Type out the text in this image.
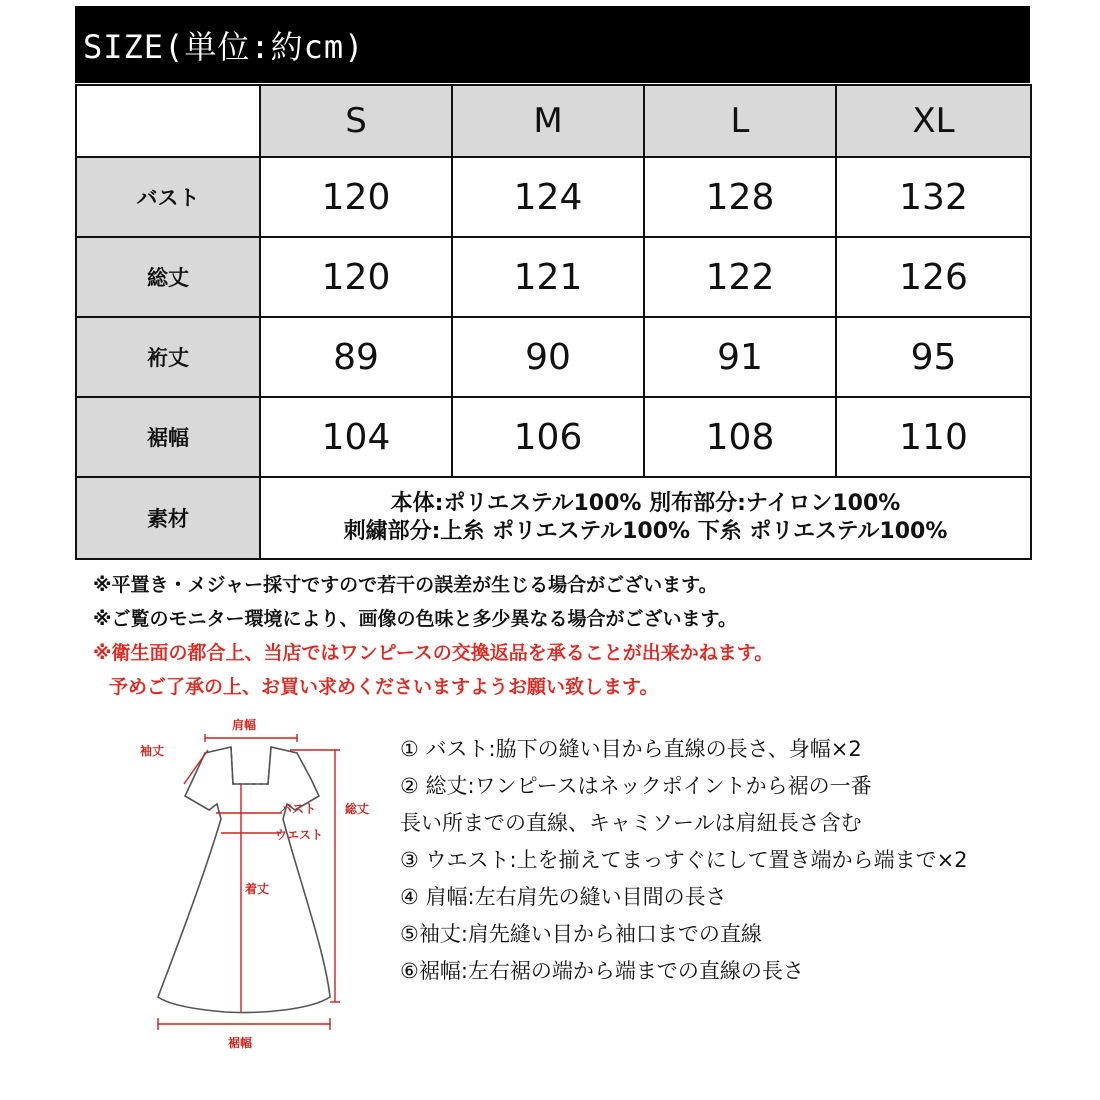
SIZE(単位:約cm)
	S	M	L	XL
バスト	120	124	128	132
総丈	120	121	122	126
裄丈	89	90	91	95
裾幅	104	106	108	110
素材	本体:ポリエステル100% 別布部分:ナイロン100%
刺繍部分:上糸 ポリエステル100% 下糸 ポリエステル100%			
※平置き・メジャー採寸ですので若干の誤差が生じる場合がございます。
※ご覧のモニター環境により、画像の色味と多少異なる場合がございます。
※衛生面の都合上、当店ではワンピースの交換返品を承ることが出来かねます。
予めご了承の上、お買い求めくださいますようお願い致します。
肩幅
袖丈
バスト 総丈
ウエスト
着丈
裾幅
① バスト:脇下の縫い目から直線の長さ、身幅×2
② 総丈:ワンピースはネックポイントから裾の一番
長い所までの直線、キャミソールは肩紐長さ含む
③ ウエスト:上を揃えてまっすぐにして置き端から端まで×2
④ 肩幅:左右肩先の縫い目間の長さ
⑤袖丈:肩先縫い目から袖口までの直線
⑥裾幅:左右裾の端から端までの直線の長さ
